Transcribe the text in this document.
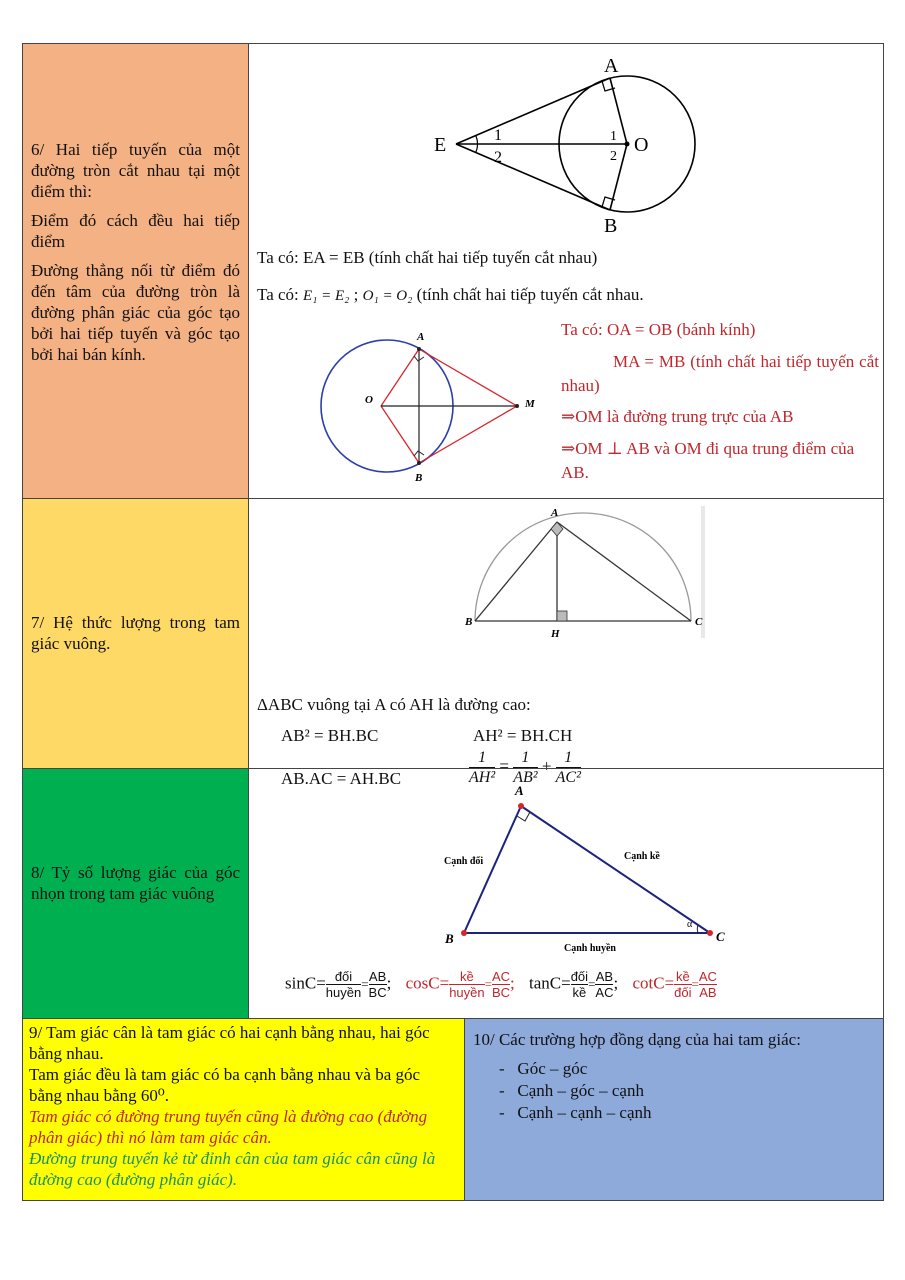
6/ Hai tiếp tuyến của một đường tròn cắt nhau tại một điểm thì:

Điểm đó cách đều hai tiếp điểm

Đường thẳng nối từ điểm đó đến tâm của đường tròn là đường phân giác của góc tạo bởi hai tiếp tuyến và góc tạo bởi hai bán kính.

A
B
E	O
1
2
1
2
Ta có: EA = EB (tính chất hai tiếp tuyến cắt nhau)
Ta có: E₁ = E₂ ; O₁ = O₂ (tính chất hai tiếp tuyến cắt nhau.
A
B
O	M
Ta có: OA = OB (bánh kính)
MA = MB (tính chất hai tiếp tuyến cắt nhau)
⇒OM là đường trung trực của AB
⇒OM ⊥ AB và OM đi qua trung điểm của AB.

7/ Hệ thức lượng trong tam giác vuông.

A
B	C
H
ΔABC vuông tại A có AH là đường cao:
AB² = BH.BC	AH² = BH.CH
AB.AC = AH.BC	$\frac{1}{\text{AH²}} = \frac{1}{\text{AB²}} + \frac{1}{\text{AC²}}$

8/ Tỷ số lượng giác của góc nhọn trong tam giác vuông

A
B	C
Cạnh đối	Cạnh kề
Cạnh huyền
α
$\sin C= \frac{\text{đối}}{\text{huyền}} = \frac{AB}{BC}$ ; $\cos C= \frac{\text{kề}}{\text{huyền}} = \frac{AC}{BC}$ ; $\tan C= \frac{\text{đối}}{\text{kề}} = \frac{AB}{AC}$ ; $\cot C= \frac{\text{kề}}{\text{đối}} = \frac{AC}{AB}$
9/ Tam giác cân là tam giác có hai cạnh bằng nhau, hai góc bằng nhau.
Tam giác đều là tam giác có ba cạnh bằng nhau và ba góc bằng nhau bằng 60⁰.
Tam giác có đường trung tuyến cũng là đường cao (đường phân giác) thì nó làm tam giác cân.
Đường trung tuyến kẻ từ đỉnh cân của tam giác cân cũng là đường cao (đường phân giác).
10/ Các trường hợp đồng dạng của hai tam giác:
-   Góc – góc
-   Cạnh – góc – cạnh
-   Cạnh – cạnh – cạnh
